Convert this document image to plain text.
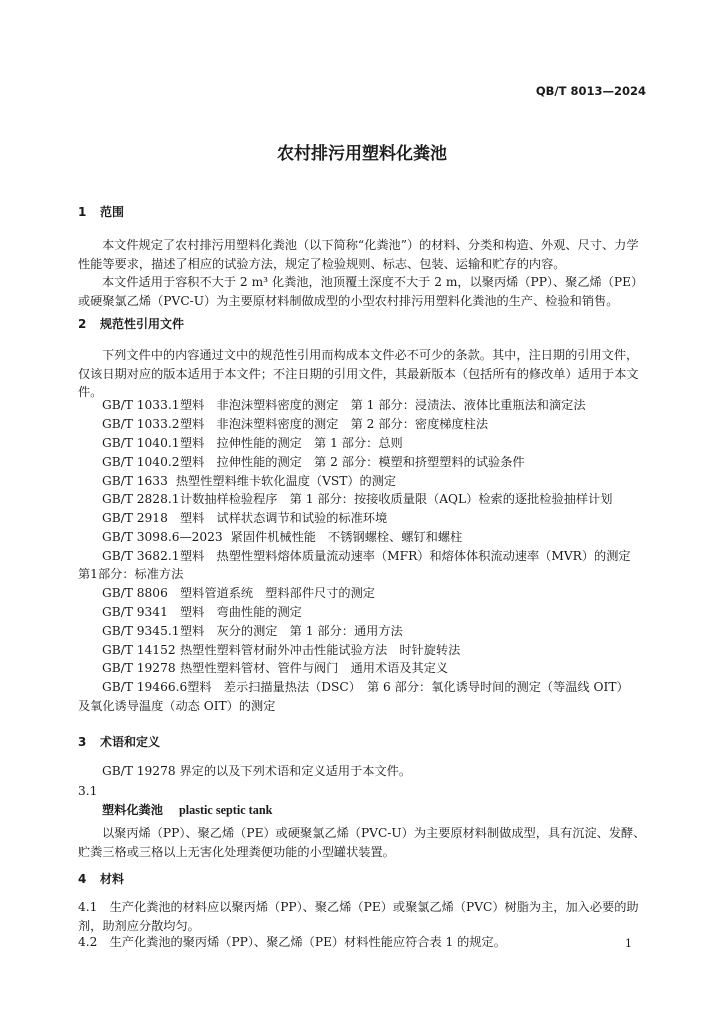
QB/T 8013—2024
农村排污用塑料化粪池
1 范围
本文件规定了农村排污用塑料化粪池（以下简称“化粪池”）的材料、分类和构造、外观、尺寸、力学性能等要求，描述了相应的试验方法，规定了检验规则、标志、包装、运输和贮存的内容。
本文件适用于容积不大于 2 m³ 化粪池，池顶覆土深度不大于 2 m，以聚丙烯（PP）、聚乙烯（PE）或硬聚氯乙烯（PVC-U）为主要原材料制做成型的小型农村排污用塑料化粪池的生产、检验和销售。
2 规范性引用文件
下列文件中的内容通过文中的规范性引用而构成本文件必不可少的条款。其中，注日期的引用文件，仅该日期对应的版本适用于本文件；不注日期的引用文件，其最新版本（包括所有的修改单）适用于本文件。
GB/T 1033.1塑料　非泡沫塑料密度的测定　第 1 部分：浸渍法、液体比重瓶法和滴定法
GB/T 1033.2塑料　非泡沫塑料密度的测定　第 2 部分：密度梯度柱法
GB/T 1040.1塑料　拉伸性能的测定　第 1 部分：总则
GB/T 1040.2塑料　拉伸性能的测定　第 2 部分：模塑和挤塑塑料的试验条件
GB/T 1633 热塑性塑料维卡软化温度（VST）的测定
GB/T 2828.1计数抽样检验程序　第 1 部分：按接收质量限（AQL）检索的逐批检验抽样计划
GB/T 2918 塑料　试样状态调节和试验的标准环境
GB/T 3098.6—2023 紧固件机械性能　不锈钢螺栓、螺钉和螺柱
GB/T 3682.1塑料　热塑性塑料熔体质量流动速率（MFR）和熔体体积流动速率（MVR）的测定
第1部分：标准方法
GB/T 8806 塑料管道系统　塑料部件尺寸的测定
GB/T 9341 塑料　弯曲性能的测定
GB/T 9345.1塑料　灰分的测定　第 1 部分：通用方法
GB/T 14152 热塑性塑料管材耐外冲击性能试验方法　时针旋转法
GB/T 19278 热塑性塑料管材、管件与阀门　通用术语及其定义
GB/T 19466.6塑料　差示扫描量热法（DSC）　第 6 部分：氧化诱导时间的测定（等温线 OIT）
及氧化诱导温度（动态 OIT）的测定
3 术语和定义
GB/T 19278 界定的以及下列术语和定义适用于本文件。
3.1
塑料化粪池 plastic septic tank
以聚丙烯（PP）、聚乙烯（PE）或硬聚氯乙烯（PVC-U）为主要原材料制做成型，具有沉淀、发酵、贮粪三格或三格以上无害化处理粪便功能的小型罐状装置。
4 材料
4.1　生产化粪池的材料应以聚丙烯（PP）、聚乙烯（PE）或聚氯乙烯（PVC）树脂为主，加入必要的助剂，助剂应分散均匀。
4.2　生产化粪池的聚丙烯（PP）、聚乙烯（PE）材料性能应符合表 1 的规定。	1
